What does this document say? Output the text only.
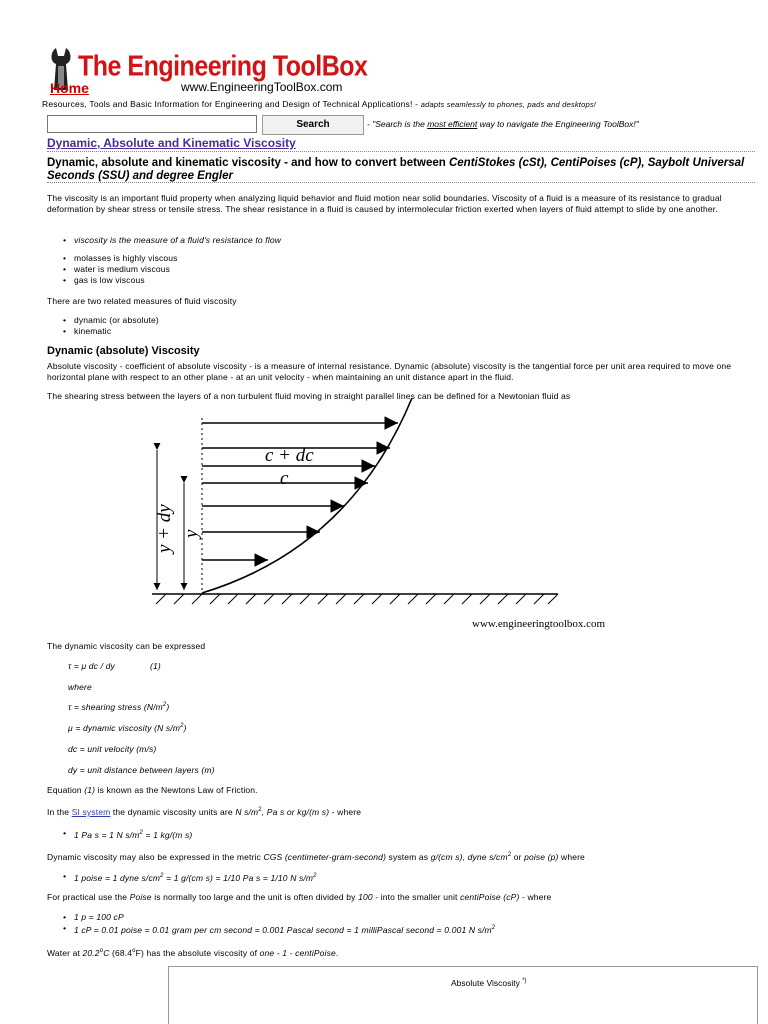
The Engineering ToolBox
Home	www.EngineeringToolBox.com
Resources, Tools and Basic Information for Engineering and Design of Technical Applications! - adapts seamlessly to phones, pads and desktops!
Search	- "Search is the most efficient way to navigate the Engineering ToolBox!"
Dynamic, Absolute and Kinematic Viscosity
Dynamic, absolute and kinematic viscosity - and how to convert between CentiStokes (cSt), CentiPoises (cP), Saybolt Universal Seconds (SSU) and degree Engler
The viscosity is an important fluid property when analyzing liquid behavior and fluid motion near solid boundaries. Viscosity of a fluid is a measure of its resistance to gradual deformation by shear stress or tensile stress. The shear resistance in a fluid is caused by intermolecular friction exerted when layers of fluid attempt to slide by one another.
• viscosity is the measure of a fluid's resistance to flow
• molasses is highly viscous
• water is medium viscous
• gas is low viscous
There are two related measures of fluid viscosity
• dynamic (or absolute)
• kinematic
Dynamic (absolute) Viscosity
Absolute viscosity - coefficient of absolute viscosity - is a measure of internal resistance. Dynamic (absolute) viscosity is the tangential force per unit area required to move one horizontal plane with respect to an other plane - at an unit velocity - when maintaining an unit distance apart in the fluid.
The shearing stress between the layers of a non turbulent fluid moving in straight parallel lines can be defined for a Newtonian fluid as
c + dc
c
y + dy y
www.engineeringtoolbox.com
The dynamic viscosity can be expressed
τ = μ dc / dy	(1)
where
τ = shearing stress $(N/m^2)$
μ = dynamic viscosity (N $s/m^2$)
dc = unit velocity (m/s)
dy = unit distance between layers (m)
Equation (1) is known as the Newtons Law of Friction.
In the SI system the dynamic viscosity units are N $s/m^2$, Pa s or kg/(m s) - where
• 1 Pa s = 1 N $s/m^2 = 1$ kg/(m s)
Dynamic viscosity may also be expressed in the metric CGS (centimeter-gram-second) system as g/(cm s), dyne $s/cm^2$ or poise (p) where
• 1 poise = 1 dyne $s/cm^2 = 1$ g/(cm s) = 1/10 Pa s = 1/10 N $s/m^2$
For practical use the Poise is normally too large and the unit is often divided by 100 - into the smaller unit centiPoise (cP) - where
• 1 p = 100 cP
• 1 cP = 0.01 poise = 0.01 gram per cm second = 0.001 Pascal second = 1 milliPascal second = 0.001 N $s/m^2$
Water at 20.2$^o$C (68.4$^o$F) has the absolute viscosity of one - 1 - centiPoise.
Absolute Viscosity *)
